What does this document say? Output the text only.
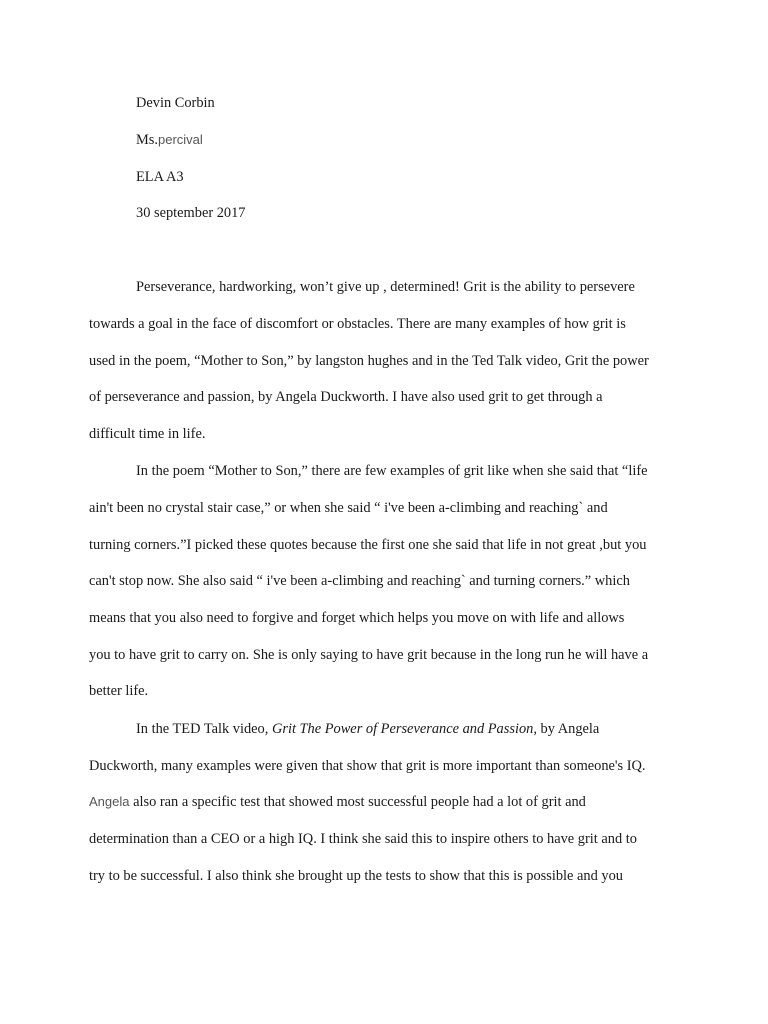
Devin Corbin
Ms.percival
ELA A3
30 september 2017
Perseverance, hardworking, won’t give up , determined! Grit is the ability to persevere
towards a goal in the face of discomfort or obstacles. There are many examples of how grit is
used in the poem, “Mother to Son,” by langston hughes and in the Ted Talk video, Grit the power
of perseverance and passion, by Angela Duckworth. I have also used grit to get through a
difficult time in life.
In the poem “Mother to Son,” there are few examples of grit like when she said that “life
ain't been no crystal stair case,” or when she said “ i've been a-climbing and reaching` and
turning corners.”I picked these quotes because the first one she said that life in not great ,but you
can't stop now. She also said “ i've been a-climbing and reaching` and turning corners.” which
means that you also need to forgive and forget which helps you move on with life and allows
you to have grit to carry on. She is only saying to have grit because in the long run he will have a
better life.
In the TED Talk video, Grit The Power of Perseverance and Passion, by Angela
Duckworth, many examples were given that show that grit is more important than someone's IQ.
Angela also ran a specific test that showed most successful people had a lot of grit and
determination than a CEO or a high IQ. I think she said this to inspire others to have grit and to
try to be successful. I also think she brought up the tests to show that this is possible and you
